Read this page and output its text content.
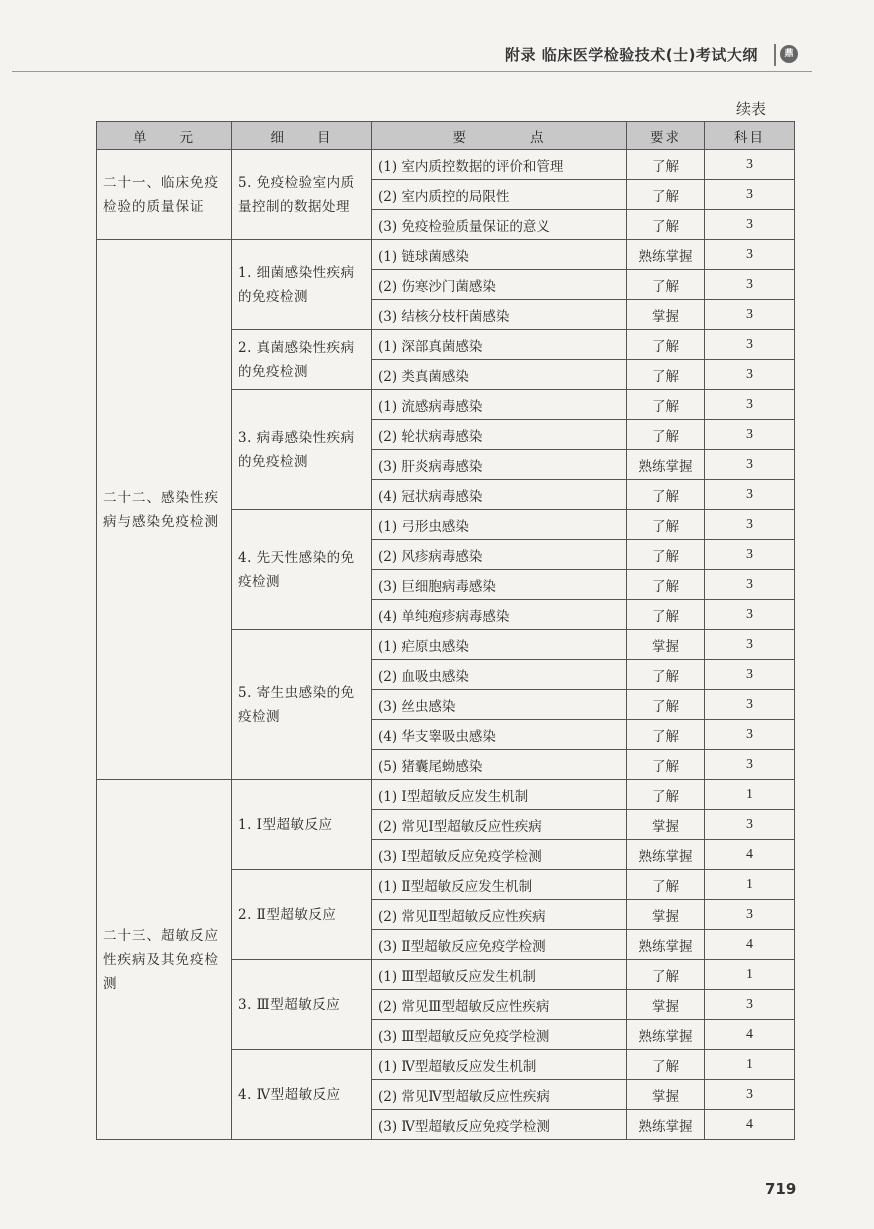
附录 临床医学检验技术(士)考试大纲	鼎
续表
单　　元	细　　目	要　　　　点	要求	科目
二十一、临床免疫检验的质量保证	5. 免疫检验室内质量控制的数据处理	(1) 室内质控数据的评价和管理	了解	3
		(2) 室内质控的局限性	了解	3
		(3) 免疫检验质量保证的意义	了解	3
二十二、感染性疾病与感染免疫检测	1. 细菌感染性疾病的免疫检测	(1) 链球菌感染	熟练掌握	3
		(2) 伤寒沙门菌感染	了解	3
		(3) 结核分枝杆菌感染	掌握	3
	2. 真菌感染性疾病的免疫检测	(1) 深部真菌感染	了解	3
		(2) 类真菌感染	了解	3
	3. 病毒感染性疾病的免疫检测	(1) 流感病毒感染	了解	3
		(2) 轮状病毒感染	了解	3
		(3) 肝炎病毒感染	熟练掌握	3
		(4) 冠状病毒感染	了解	3
	4. 先天性感染的免疫检测	(1) 弓形虫感染	了解	3
		(2) 风疹病毒感染	了解	3
		(3) 巨细胞病毒感染	了解	3
		(4) 单纯疱疹病毒感染	了解	3
	5. 寄生虫感染的免疫检测	(1) 疟原虫感染	掌握	3
		(2) 血吸虫感染	了解	3
		(3) 丝虫感染	了解	3
		(4) 华支睾吸虫感染	了解	3
		(5) 猪囊尾蚴感染	了解	3
二十三、超敏反应性疾病及其免疫检测	1. Ⅰ型超敏反应	(1) Ⅰ型超敏反应发生机制	了解	1
		(2) 常见Ⅰ型超敏反应性疾病	掌握	3
		(3) Ⅰ型超敏反应免疫学检测	熟练掌握	4
	2. Ⅱ型超敏反应	(1) Ⅱ型超敏反应发生机制	了解	1
		(2) 常见Ⅱ型超敏反应性疾病	掌握	3
		(3) Ⅱ型超敏反应免疫学检测	熟练掌握	4
	3. Ⅲ型超敏反应	(1) Ⅲ型超敏反应发生机制	了解	1
		(2) 常见Ⅲ型超敏反应性疾病	掌握	3
		(3) Ⅲ型超敏反应免疫学检测	熟练掌握	4
	4. Ⅳ型超敏反应	(1) Ⅳ型超敏反应发生机制	了解	1
		(2) 常见Ⅳ型超敏反应性疾病	掌握	3
		(3) Ⅳ型超敏反应免疫学检测	熟练掌握	4
719
